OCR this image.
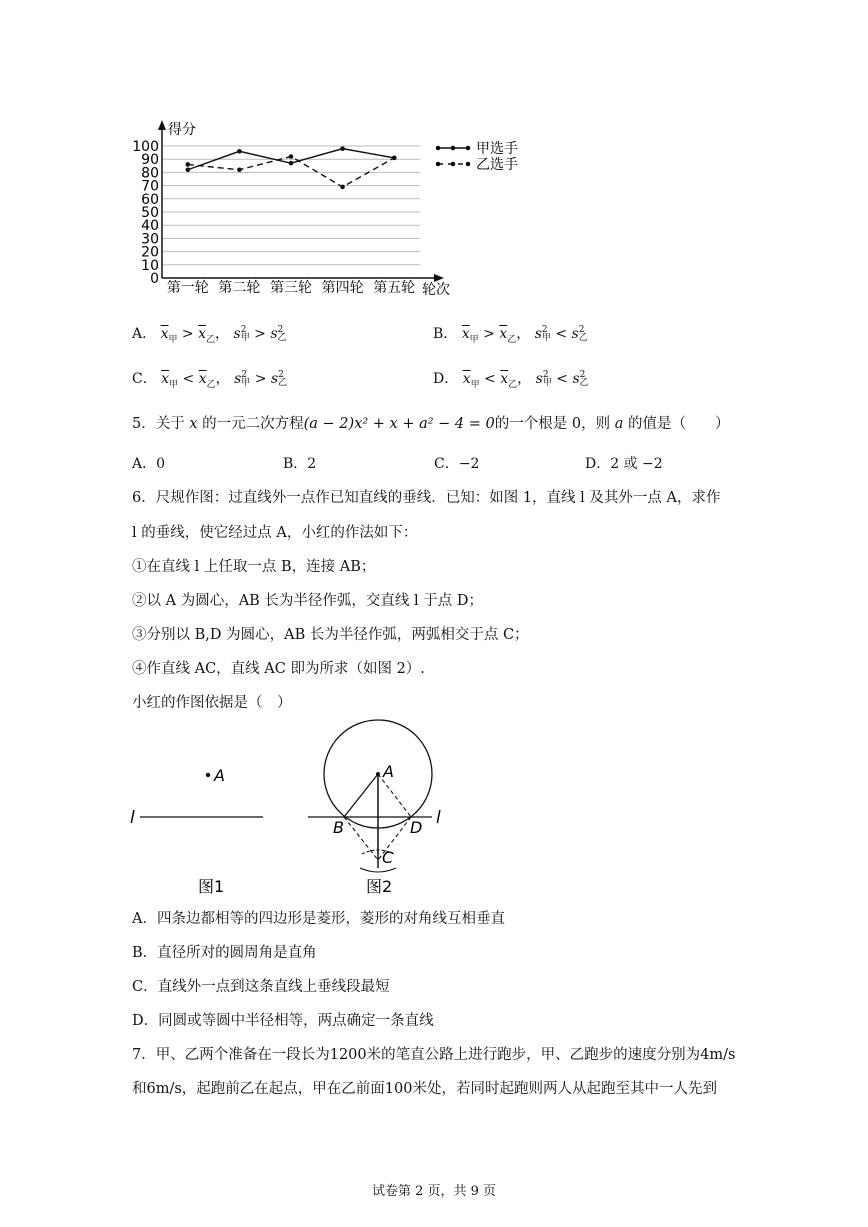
0
10
20
30
40
50
60
70
80
90
100
第一轮 第二轮 第三轮 第四轮 第五轮
甲选手
乙选手
得分
轮次
A． $\overline{x}_甲 > \overline{x}_乙$， s 2
甲 > s 2
乙	B． $\overline{x}_甲 > \overline{x}_乙$， s 2
甲 < s 2
乙
C． $\overline{x}_甲 < \overline{x}_乙$， s 2
甲 > s 2
乙	D． $\overline{x}_甲 < \overline{x}_乙$， s 2
甲 < s 2
乙
5．关于 x 的一元二次方程(a − 2)x² + x + a² − 4 = 0的一个根是 0，则 a 的值是（　　）
A．0	B．2	C．−2	D．2 或 −2
6．尺规作图：过直线外一点作已知直线的垂线．已知：如图 1，直线 l 及其外一点 A，求作
l 的垂线，使它经过点 A，小红的作法如下：
①在直线 l 上任取一点 B，连接 AB；
②以 A 为圆心，AB 长为半径作弧，交直线 l 于点 D；
③分别以 B,D 为圆心，AB 长为半径作弧，两弧相交于点 C；
④作直线 AC，直线 AC 即为所求（如图 2）.
小红的作图依据是（　）
A
l
图1
A
B	D
C
l
图2
A．四条边都相等的四边形是菱形，菱形的对角线互相垂直
B．直径所对的圆周角是直角
C．直线外一点到这条直线上垂线段最短
D．同圆或等圆中半径相等，两点确定一条直线
7．甲、乙两个准备在一段长为1200米的笔直公路上进行跑步，甲、乙跑步的速度分别为4m/s
和6m/s，起跑前乙在起点，甲在乙前面100米处，若同时起跑则两人从起跑至其中一人先到
试卷第 2 页，共 9 页
